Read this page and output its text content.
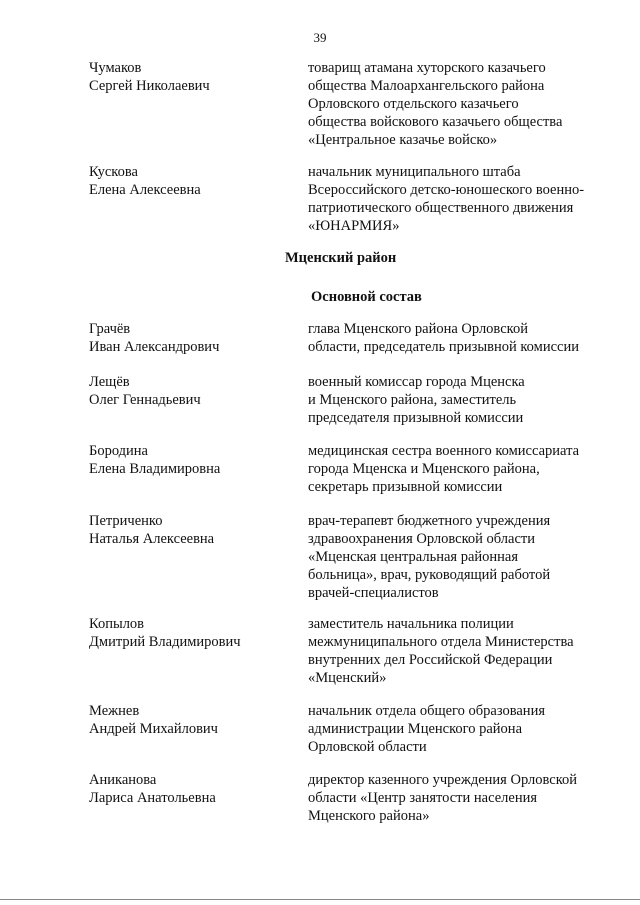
39
Чумаков
Сергей Николаевич
товарищ атамана хуторского казачьего
общества Малоархангельского района
Орловского отдельского казачьего
общества войскового казачьего общества
«Центральное казачье войско»
Кускова
Елена Алексеевна
начальник муниципального штаба
Всероссийского детско-юношеского военно-
патриотического общественного движения
«ЮНАРМИЯ»
Мценский район
Основной состав
Грачёв
Иван Александрович
глава Мценского района Орловской
области, председатель призывной комиссии
Лещёв
Олег Геннадьевич
военный комиссар города Мценска
и Мценского района, заместитель
председателя призывной комиссии
Бородина
Елена Владимировна
медицинская сестра военного комиссариата
города Мценска и Мценского района,
секретарь призывной комиссии
Петриченко
Наталья Алексеевна
врач-терапевт бюджетного учреждения
здравоохранения Орловской области
«Мценская центральная районная
больница», врач, руководящий работой
врачей-специалистов
Копылов
Дмитрий Владимирович
заместитель начальника полиции
межмуниципального отдела Министерства
внутренних дел Российской Федерации
«Мценский»
Межнев
Андрей Михайлович
начальник отдела общего образования
администрации Мценского района
Орловской области
Аниканова
Лариса Анатольевна
директор казенного учреждения Орловской
области «Центр занятости населения
Мценского района»
